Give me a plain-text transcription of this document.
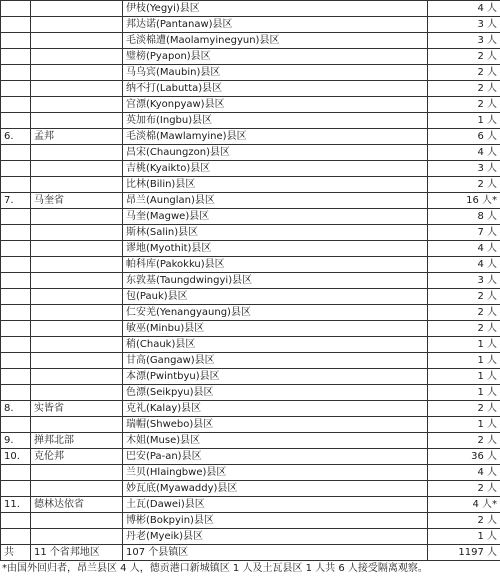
		伊枝(Yegyi)县区	4 人
		邦达诺(Pantanaw)县区	3 人
		毛淡棉遭(Maolamyinegyun)县区	3 人
		璧榜(Pyapon)县区	2 人
		马乌宾(Maubin)县区	2 人
		纳不打(Labutta)县区	2 人
		宫漂(Kyonpyaw)县区	2 人
		英加布(Ingbu)县区	1 人
6.	孟邦	毛淡棉(Mawlamyine)县区	6 人
		昌宋(Chaungzon)县区	4 人
		吉桃(Kyaikto)县区	3 人
		比林(Bilin)县区	2 人
7.	马奎省	昂兰(Aunglan)县区	16 人*
		马奎(Magwe)县区	8 人
		斯林(Salin)县区	7 人
		谬地(Myothit)县区	4 人
		帕科库(Pakokku)县区	4 人
		东敦基(Taungdwingyi)县区	3 人
		包(Pauk)县区	2 人
		仁安羌(Yenangyaung)县区	2 人
		敏巫(Minbu)县区	2 人
		稍(Chauk)县区	1 人
		甘高(Gangaw)县区	1 人
		本漂(Pwintbyu)县区	1 人
		色漂(Seikpyu)县区	1 人
8.	实皆省	克礼(Kalay)县区	2 人
		瑞帽(Shwebo)县区	1 人
9.	掸邦北部	木姐(Muse)县区	2 人
10.	克伦邦	巴安(Pa-an)县区	36 人
		兰贝(Hlaingbwe)县区	4 人
		妙瓦底(Myawaddy)县区	2 人
11.	德林达依省	土瓦(Dawei)县区	4 人*
		博彬(Bokpyin)县区	2 人
		丹老(Myeik)县区	1 人
共	11 个省邦地区	107 个县镇区	1197 人
*由国外回归者，昂兰县区 4 人，德贡港口新城镇区 1 人及土瓦县区 1 人共 6 人接受隔离观察。
